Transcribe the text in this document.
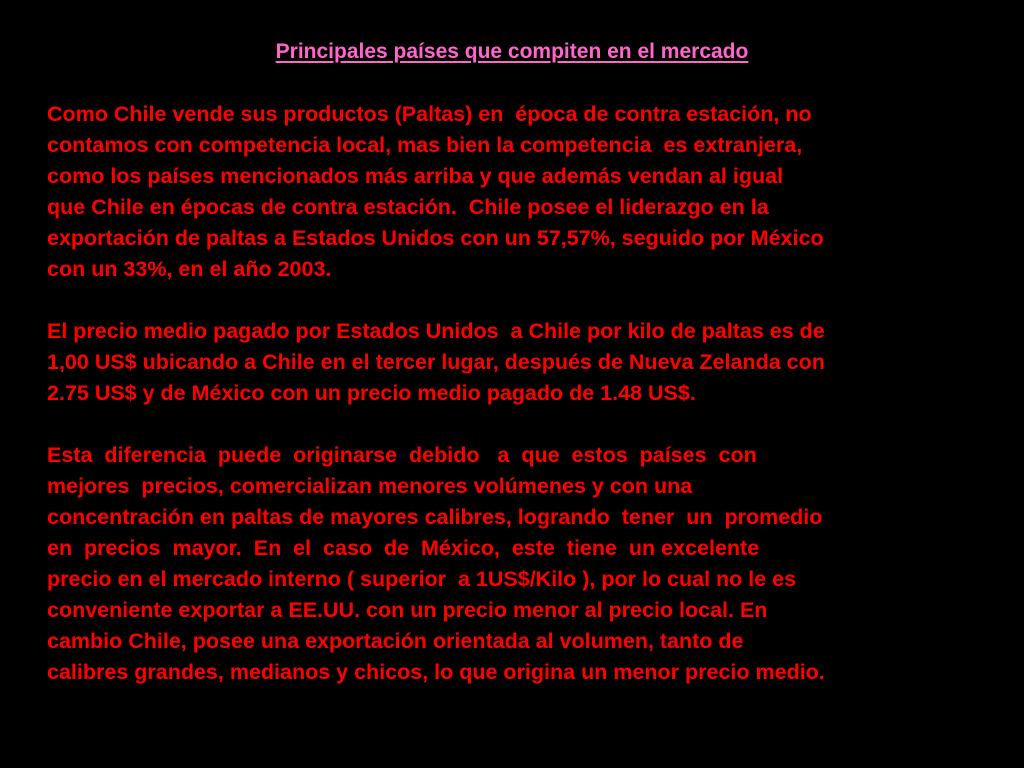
Principales países que compiten en el mercado
Como Chile vende sus productos (Paltas) en  época de contra estación, no
contamos con competencia local, mas bien la competencia  es extranjera,
como los países mencionados más arriba y que además vendan al igual
que Chile en épocas de contra estación.  Chile posee el liderazgo en la
exportación de paltas a Estados Unidos con un 57,57%, seguido por México
con un 33%, en el año 2003.
El precio medio pagado por Estados Unidos  a Chile por kilo de paltas es de
1,00 US$ ubicando a Chile en el tercer lugar, después de Nueva Zelanda con
2.75 US$ y de México con un precio medio pagado de 1.48 US$.
Esta  diferencia  puede  originarse  debido   a  que  estos  países  con
mejores  precios, comercializan menores volúmenes y con una
concentración en paltas de mayores calibres, logrando  tener  un  promedio
en  precios  mayor.  En  el  caso  de  México,  este  tiene  un excelente
precio en el mercado interno ( superior  a 1US$/Kilo ), por lo cual no le es
conveniente exportar a EE.UU. con un precio menor al precio local. En
cambio Chile, posee una exportación orientada al volumen, tanto de
calibres grandes, medianos y chicos, lo que origina un menor precio medio.
